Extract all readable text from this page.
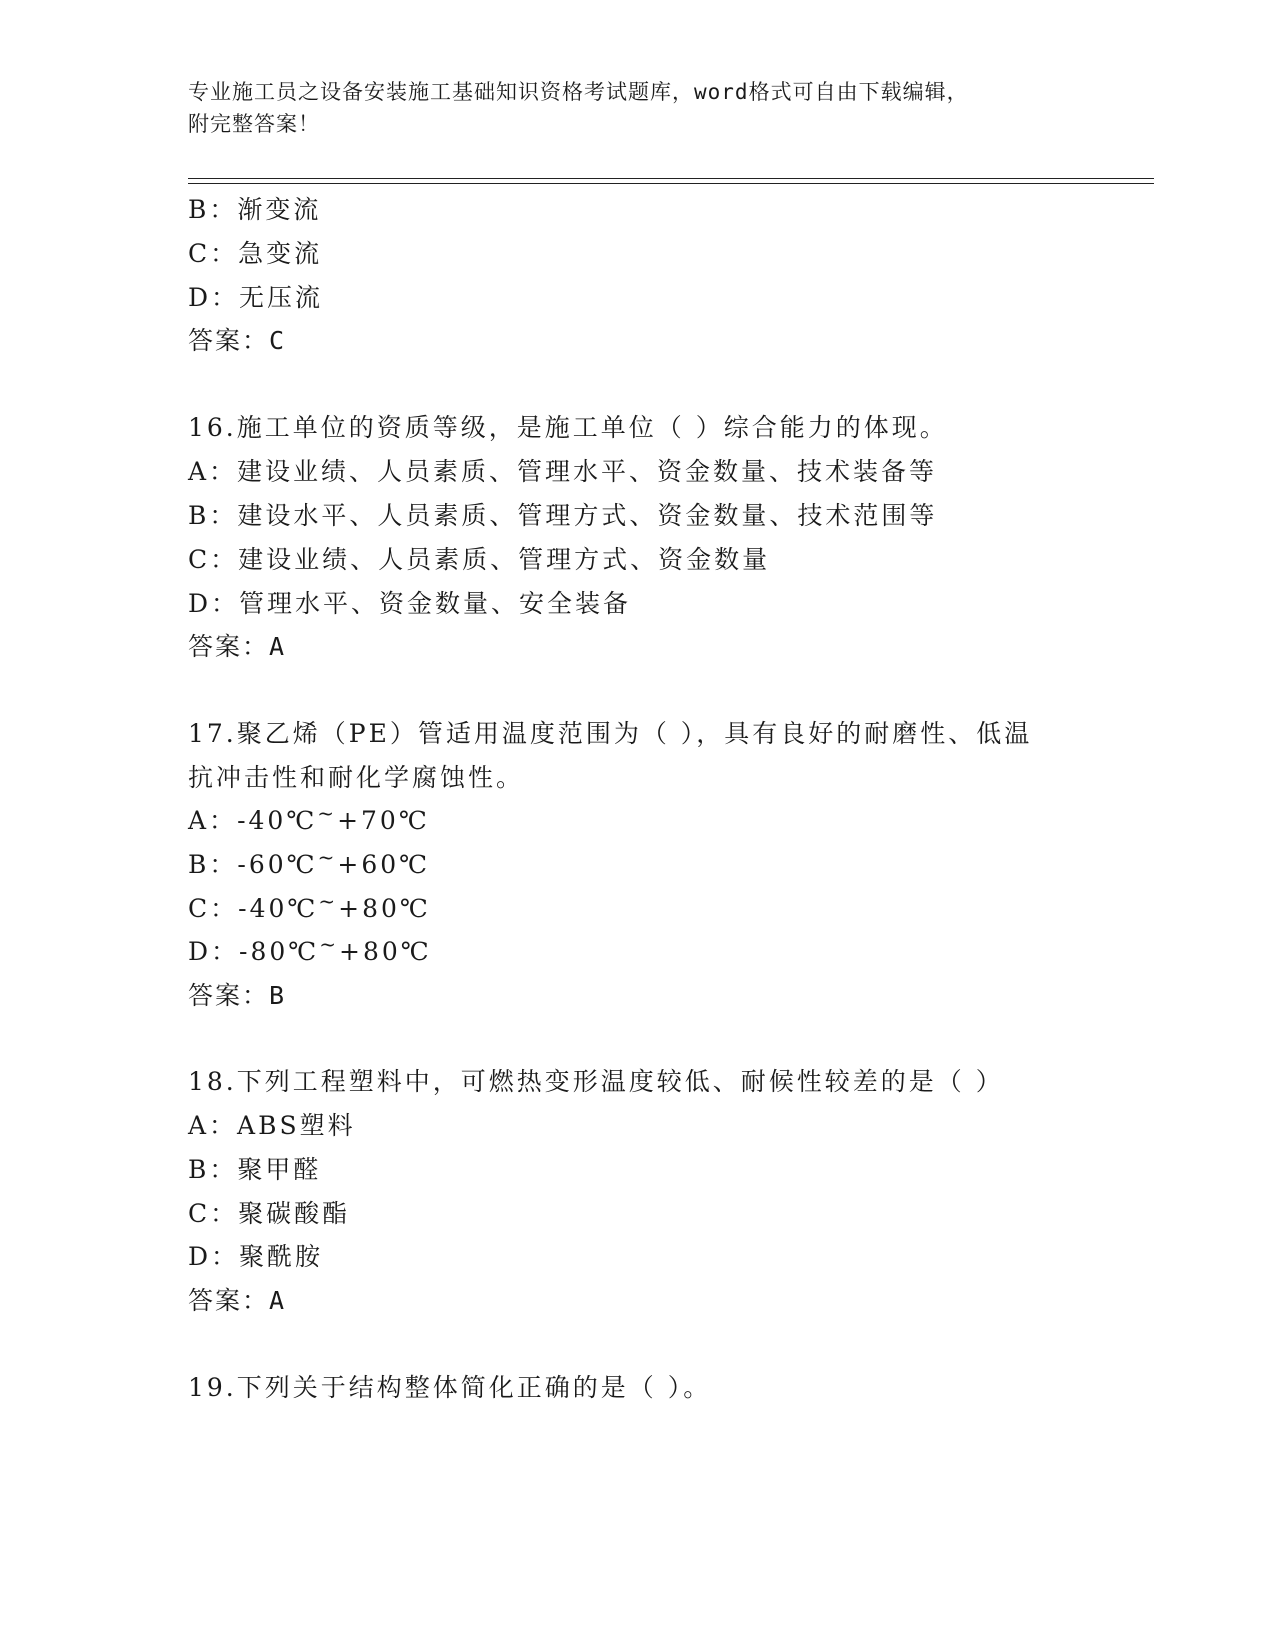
专业施工员之设备安装施工基础知识资格考试题库，word格式可自由下载编辑，
附完整答案！
B：渐变流
C：急变流
D：无压流
答案：C
16.施工单位的资质等级，是施工单位（ ）综合能力的体现。
A：建设业绩、人员素质、管理水平、资金数量、技术装备等
B：建设水平、人员素质、管理方式、资金数量、技术范围等
C：建设业绩、人员素质、管理方式、资金数量
D：管理水平、资金数量、安全装备
答案：A
17.聚乙烯（PE）管适用温度范围为（ ），具有良好的耐磨性、低温
抗冲击性和耐化学腐蚀性。
A：-40℃~+70℃
B：-60℃~+60℃
C：-40℃~+80℃
D：-80℃~+80℃
答案：B
18.下列工程塑料中，可燃热变形温度较低、耐候性较差的是（ ）
A：ABS塑料
B：聚甲醛
C：聚碳酸酯
D：聚酰胺
答案：A
19.下列关于结构整体简化正确的是（ ）。
